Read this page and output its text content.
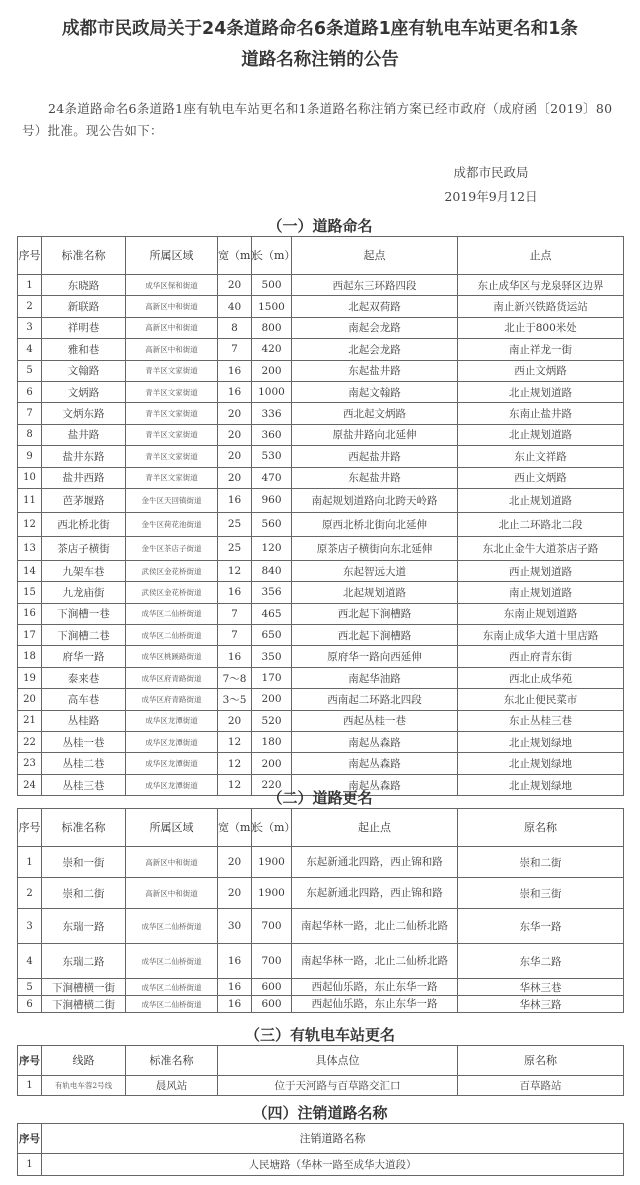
成都市民政局关于24条道路命名6条道路1座有轨电车站更名和1条
道路名称注销的公告
24条道路命名6条道路1座有轨电车站更名和1条道路名称注销方案已经市政府（成府函〔2019〕80号）批准。现公告如下：
成都市民政局
2019年9月12日
（一）道路命名
序号	标准名称	所属区域	宽（m）	长（m）	起点	止点
1	东晓路	成华区保和街道	20	500	西起东三环路四段	东止成华区与龙泉驿区边界
2	新联路	高新区中和街道	40	1500	北起双荷路	南止新兴铁路货运站
3	祥明巷	高新区中和街道	8	800	南起会龙路	北止于800米处
4	雅和巷	高新区中和街道	7	420	北起会龙路	南止祥龙一街
5	文翰路	青羊区文家街道	16	200	东起盐井路	西止文炳路
6	文炳路	青羊区文家街道	16	1000	南起文翰路	北止规划道路
7	文炳东路	青羊区文家街道	20	336	西北起文炳路	东南止盐井路
8	盐井路	青羊区文家街道	20	360	原盐井路向北延伸	北止规划道路
9	盐井东路	青羊区文家街道	20	530	西起盐井路	东止文祥路
10	盐井西路	青羊区文家街道	20	470	东起盐井路	西止文炳路
11	芭茅堰路	金牛区天回镇街道	16	960	南起规划道路向北跨天岭路	北止规划道路
12	西北桥北街	金牛区荷花池街道	25	560	原西北桥北街向北延伸	北止二环路北二段
13	茶店子横街	金牛区茶店子街道	25	120	原茶店子横街向东北延伸	东北止金牛大道茶店子路
14	九架车巷	武侯区金花桥街道	12	840	东起智远大道	西止规划道路
15	九龙庙街	武侯区金花桥街道	16	356	北起规划道路	南止规划道路
16	下涧槽一巷	成华区二仙桥街道	7	465	西北起下涧槽路	东南止规划道路
17	下涧槽二巷	成华区二仙桥街道	7	650	西北起下涧槽路	东南止成华大道十里店路
18	府华一路	成华区桃蹊路街道	16	350	原府华一路向西延伸	西止府青东街
19	泰来巷	成华区府青路街道	7～8	170	南起华油路	西北止成华苑
20	高车巷	成华区府青路街道	3～5	200	西南起二环路北四段	东北止便民菜市
21	丛桂路	成华区龙潭街道	20	520	西起丛桂一巷	东止丛桂三巷
22	丛桂一巷	成华区龙潭街道	12	180	南起丛森路	北止规划绿地
23	丛桂二巷	成华区龙潭街道	12	200	南起丛森路	北止规划绿地
24	丛桂三巷	成华区龙潭街道	12	220	南起丛森路	北止规划绿地
（二）道路更名
序号	标准名称	所属区域	宽（m）	长（m）	起止点	原名称
1	崇和一街	高新区中和街道	20	1900	东起新通北四路，西止锦和路	崇和二街
2	崇和二街	高新区中和街道	20	1900	东起新通北四路，西止锦和路	崇和三街
3	东瑞一路	成华区二仙桥街道	30	700	南起华林一路，北止二仙桥北路	东华一路
4	东瑞二路	成华区二仙桥街道	16	700	南起华林一路，北止二仙桥北路	东华二路
5	下涧槽横一街	成华区二仙桥街道	16	600	西起仙乐路，东止东华一路	华林三巷
6	下涧槽横二街	成华区二仙桥街道	16	600	西起仙乐路，东止东华一路	华林三路
（三）有轨电车站更名
序号	线路	标准名称	具体点位	原名称
1	有轨电车蓉2号线	晨风站	位于天河路与百草路交汇口	百草路站
（四）注销道路名称
序号	注销道路名称
1	人民塘路（华林一路至成华大道段）
